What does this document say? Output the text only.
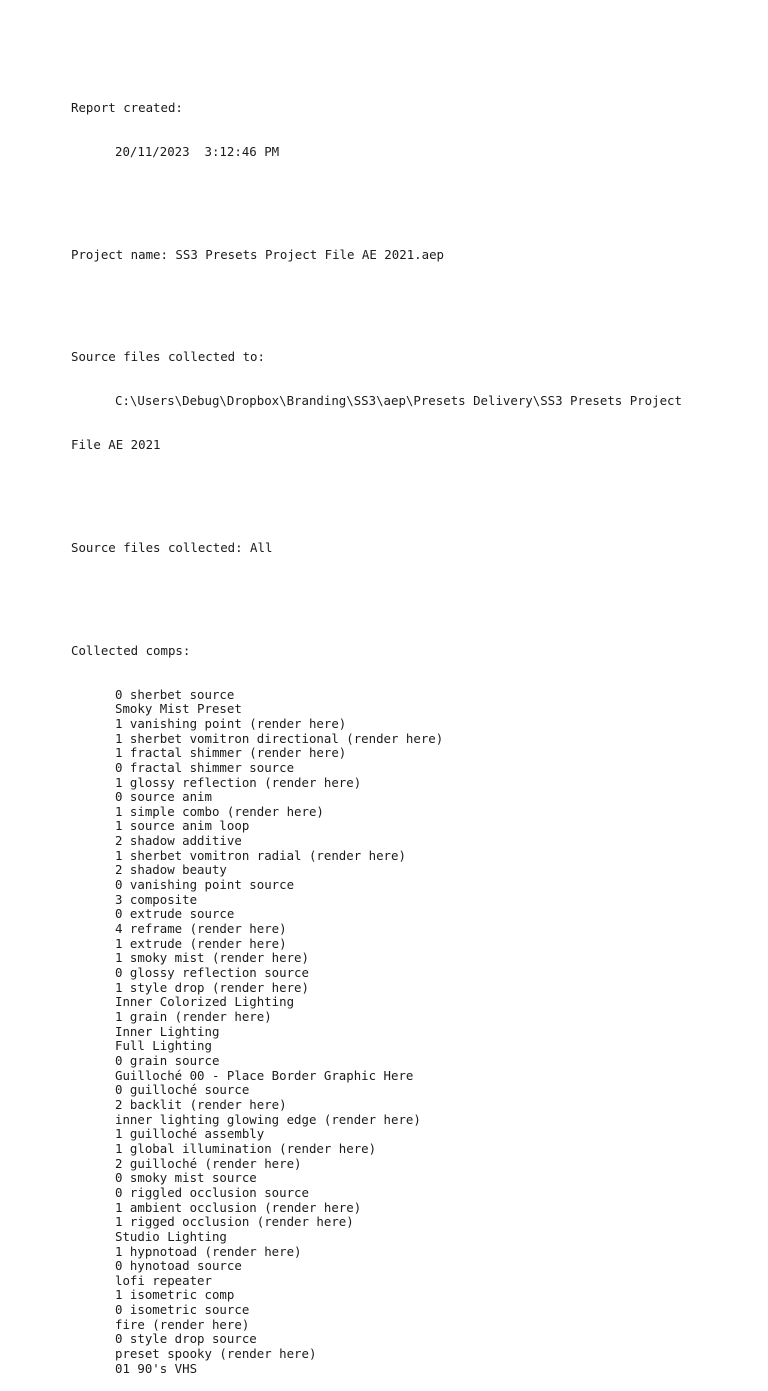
Report created:

20/11/2023  3:12:46 PM

Project name: SS3 Presets Project File AE 2021.aep

Source files collected to:

C:\Users\Debug\Dropbox\Branding\SS3\aep\Presets Delivery\SS3 Presets Project

File AE 2021

Source files collected: All

Collected comps:

0 sherbet source
Smoky Mist Preset
1 vanishing point (render here)
1 sherbet vomitron directional (render here)
1 fractal shimmer (render here)
0 fractal shimmer source
1 glossy reflection (render here)
0 source anim
1 simple combo (render here)
1 source anim loop
2 shadow additive
1 sherbet vomitron radial (render here)
2 shadow beauty
0 vanishing point source
3 composite
0 extrude source
4 reframe (render here)
1 extrude (render here)
1 smoky mist (render here)
0 glossy reflection source
1 style drop (render here)
Inner Colorized Lighting
1 grain (render here)
Inner Lighting
Full Lighting
0 grain source
Guilloché 00 - Place Border Graphic Here
0 guilloché source
2 backlit (render here)
inner lighting glowing edge (render here)
1 guilloché assembly
1 global illumination (render here)
2 guilloché (render here)
0 smoky mist source
0 riggled occlusion source
1 ambient occlusion (render here)
1 rigged occlusion (render here)
Studio Lighting
1 hypnotoad (render here)
0 hynotoad source
lofi repeater
1 isometric comp
0 isometric source
fire (render here)
0 style drop source
preset spooky (render here)
01 90's VHS
